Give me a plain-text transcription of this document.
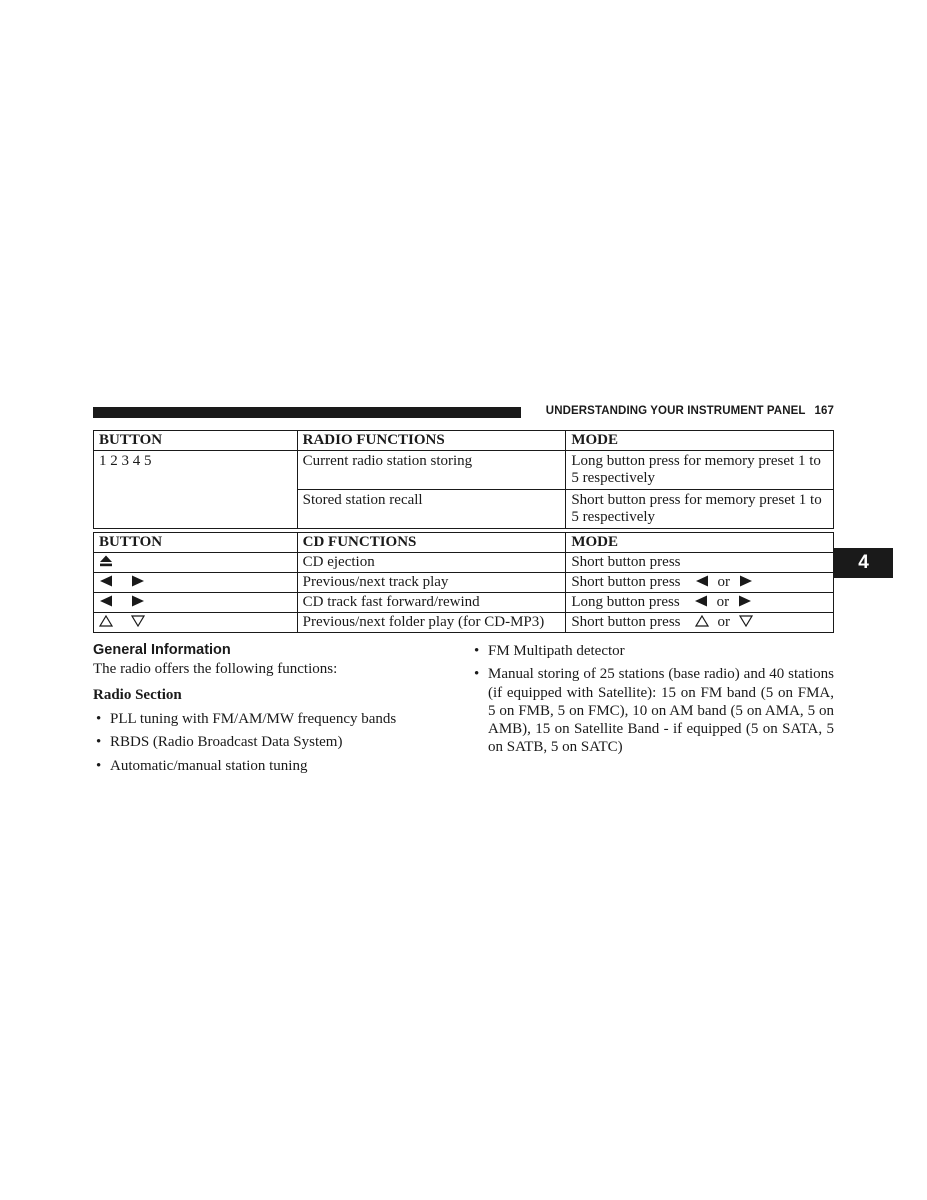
UNDERSTANDING YOUR INSTRUMENT PANEL 167
4
BUTTON	RADIO FUNCTIONS	MODE
1 2 3 4 5	Current radio station storing	Long button press for memory preset 1 to 5 respectively
	Stored station recall	Short button press for memory preset 1 to 5 respectively
BUTTON	CD FUNCTIONS	MODE

	CD ejection	Short button press

	Previous/next track play	Short button press or

	CD track fast forward/rewind	Long button press or

	Previous/next folder play (for CD-MP3)	Short button press or
General Information
The radio offers the following functions:
Radio Section
• PLL tuning with FM/AM/MW frequency bands
• RBDS (Radio Broadcast Data System)
• Automatic/manual station tuning
• FM Multipath detector
• Manual storing of 25 stations (base radio) and 40 stations (if equipped with Satellite): 15 on FM band (5 on FMA, 5 on FMB, 5 on FMC), 10 on AM band (5 on AMA, 5 on AMB), 15 on Satellite Band - if equipped (5 on SATA, 5 on SATB, 5 on SATC)
